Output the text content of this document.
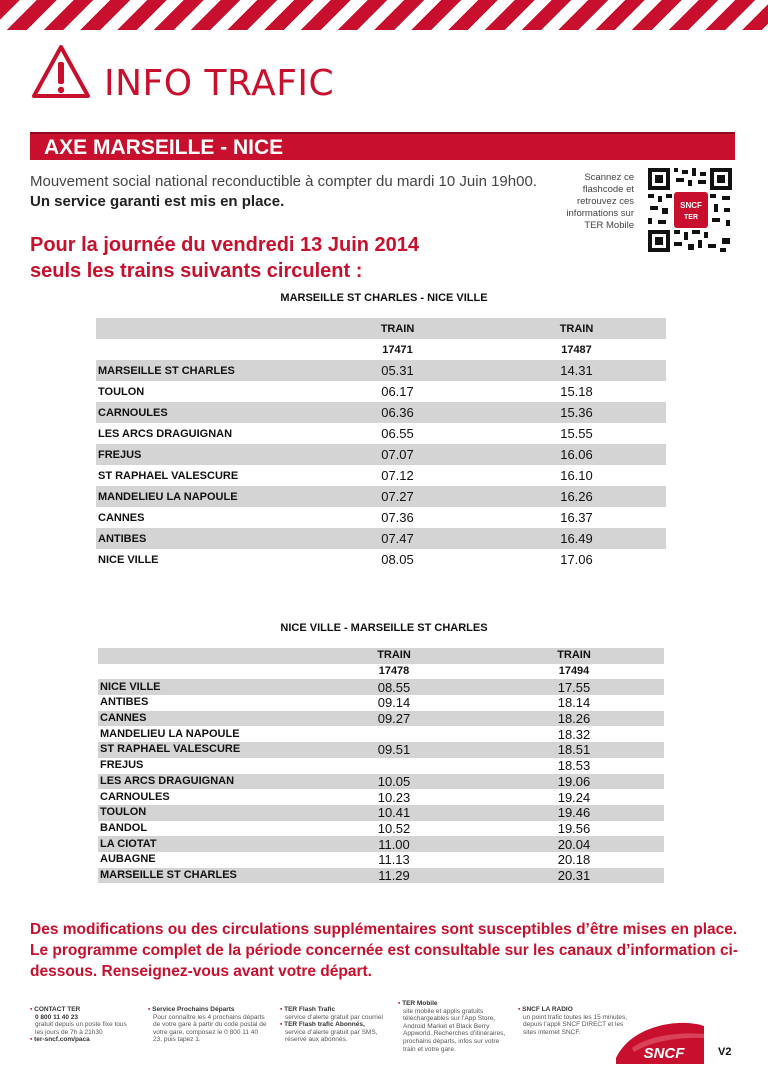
INFO TRAFIC
AXE MARSEILLE - NICE
Mouvement social national reconductible à compter du mardi 10 Juin 19h00. Un service garanti est mis en place.
Scannez ce flashcode et retrouvez ces informations sur TER Mobile
SNCF
TER
Pour la journée du vendredi 13 Juin 2014
seuls les trains suivants circulent :
MARSEILLE ST CHARLES - NICE VILLE
	TRAIN	TRAIN
	17471	17487
MARSEILLE ST CHARLES	05.31	14.31
TOULON	06.17	15.18
CARNOULES	06.36	15.36
LES ARCS DRAGUIGNAN	06.55	15.55
FREJUS	07.07	16.06
ST RAPHAEL VALESCURE	07.12	16.10
MANDELIEU LA NAPOULE	07.27	16.26
CANNES	07.36	16.37
ANTIBES	07.47	16.49
NICE VILLE	08.05	17.06
NICE VILLE - MARSEILLE ST CHARLES
	TRAIN	TRAIN
	17478	17494
NICE VILLE	08.55	17.55
ANTIBES	09.14	18.14
CANNES	09.27	18.26
MANDELIEU LA NAPOULE		18.32
ST RAPHAEL VALESCURE	09.51	18.51
FREJUS		18.53
LES ARCS DRAGUIGNAN	10.05	19.06
CARNOULES	10.23	19.24
TOULON	10.41	19.46
BANDOL	10.52	19.56
LA CIOTAT	11.00	20.04
AUBAGNE	11.13	20.18
MARSEILLE ST CHARLES	11.29	20.31
Des modifications ou des circulations supplémentaires sont susceptibles d’être mises en place. Le programme complet de la période concernée est consultable sur les canaux d’information ci-dessous. Renseignez-vous avant votre départ.
▪ CONTACT TER
0 800 11 40 23
gratuit depuis un poste fixe tous les jours de 7h à 21h30
▪ ter-sncf.com/paca
▪ Service Prochains Départs
Pour connaître les 4 prochains départs de votre gare à partir du code postal de votre gare, composez le 0 800 11 40 23, puis tapez 1.
▪ TER Flash Trafic
service d’alerte gratuit par courriel
▪ TER Flash trafic Abonnés,
service d’alerte gratuit par SMS, réservé aux abonnés.
▪ TER Mobile
site mobile et applis gratuits téléchargeables sur l’App Store, Android Market et Black Berry Appworld. Recherches d’itinéraires, prochains départs, infos sur votre train et votre gare.
▪ SNCF LA RADIO
un point trafic toutes les 15 minutes, depuis l’appli SNCF DIRECT et les sites internet SNCF.
SNCF	V2
